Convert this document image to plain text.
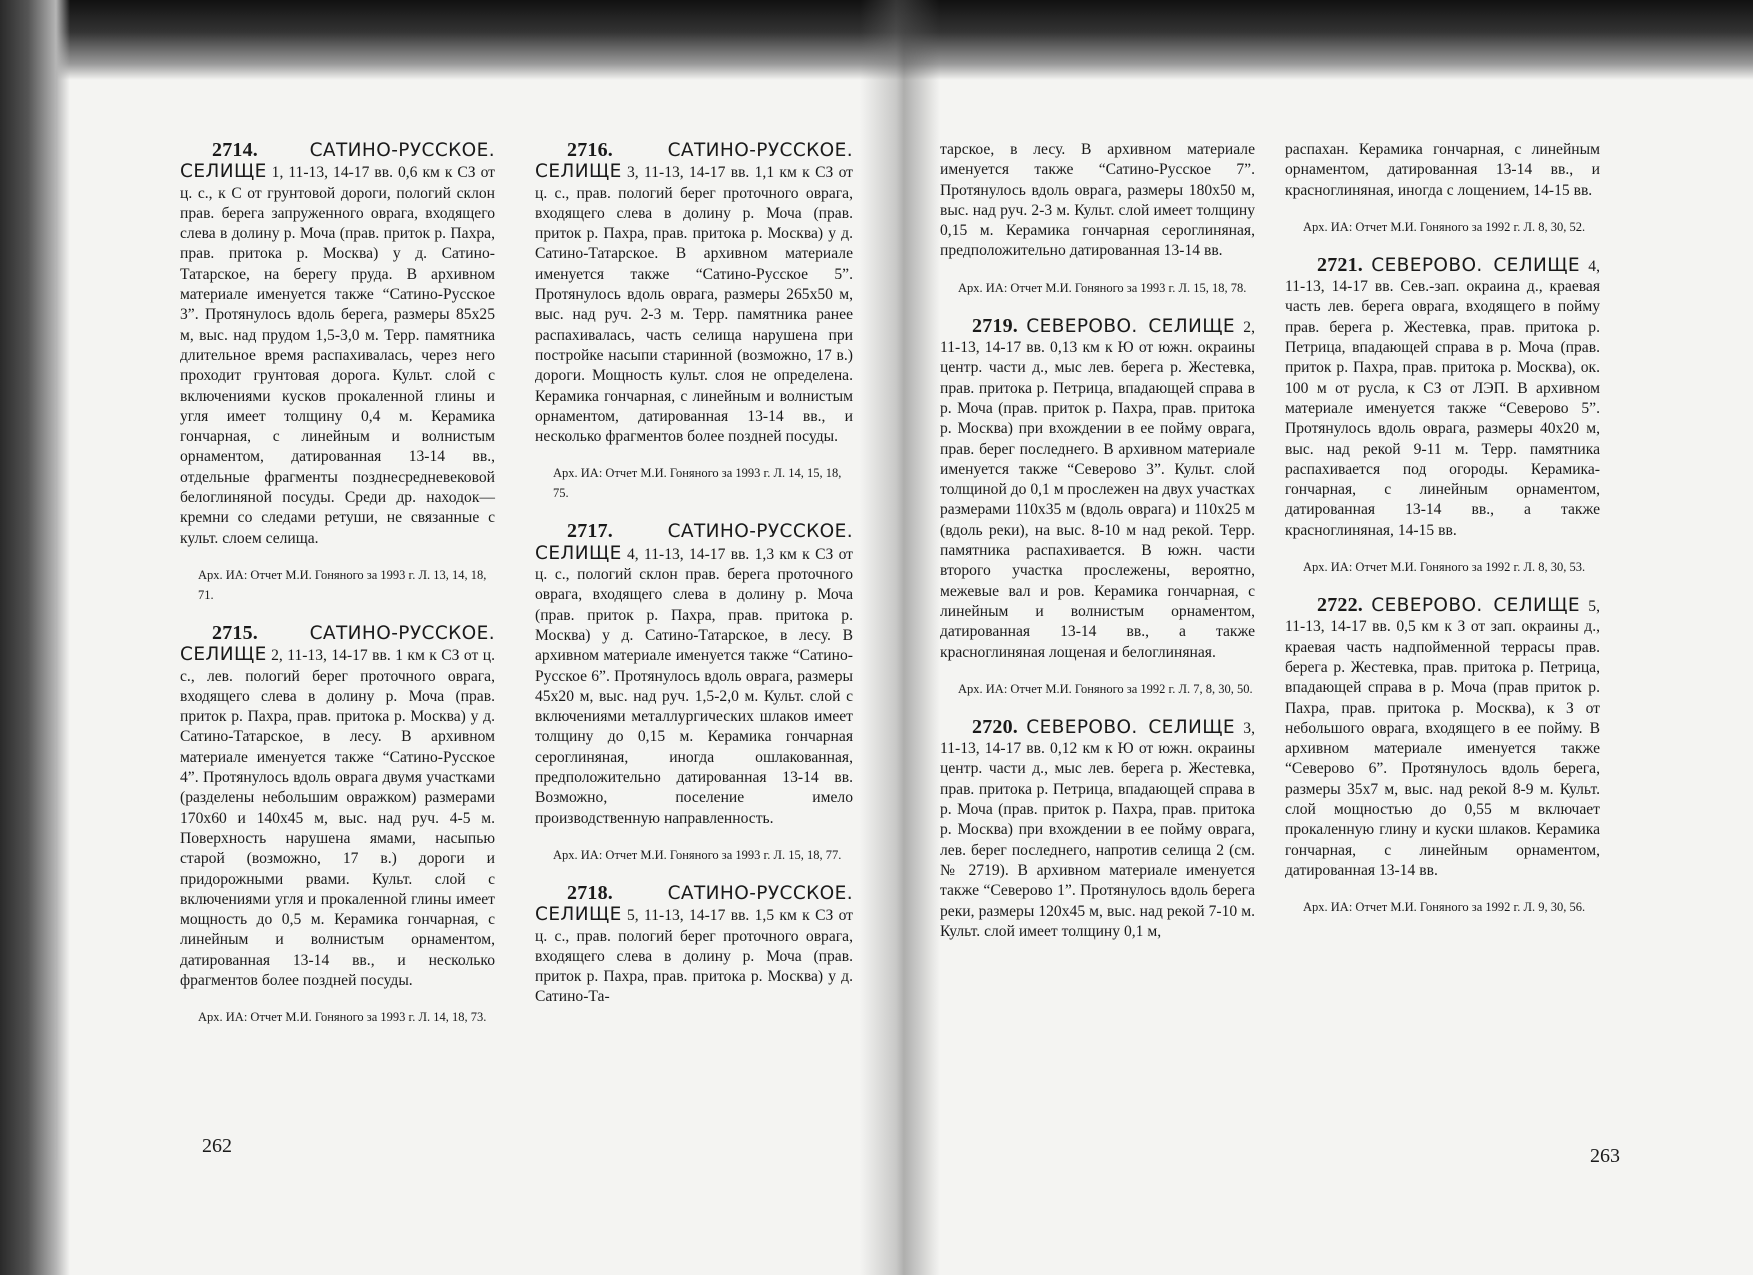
2714.	САТИНО-РУССКОЕ. СЕЛИЩЕ 1, 11-13, 14-17 вв. 0,6 км к СЗ от ц. с., к С от грунтовой дороги, пологий склон прав. берега запруженного оврага, входящего слева в долину р. Моча (прав. приток р. Пахра, прав. притока р. Москва) у д. Сатино-Татарское, на берегу пруда. В архивном материале именуется также “Сатино-Русское 3”. Протянулось вдоль берега, размеры 85х25 м, выс. над прудом 1,5-3,0 м. Терр. памятника длительное время распахивалась, через него проходит грунтовая дорога. Культ. слой с включениями кусков прокаленной глины и угля имеет толщину 0,4 м. Керамика гончарная, с линейным и волнистым орнаментом, датированная 13-14 вв., отдельные фрагменты позднесредневековой белоглиняной посуды. Среди др. находок—кремни со следами ретуши, не связанные с культ. слоем селища.

Арх. ИА: Отчет М.И. Гоняного за 1993 г. Л. 13, 14, 18, 71.

2715.	САТИНО-РУССКОЕ. СЕЛИЩЕ 2, 11-13, 14-17 вв. 1 км к СЗ от ц. с., лев. пологий берег проточного оврага, входящего слева в долину р. Моча (прав. приток р. Пахра, прав. притока р. Москва) у д. Сатино-Татарское, в лесу. В архивном материале именуется также “Сатино-Русское 4”. Протянулось вдоль оврага двумя участками (разделены небольшим овражком) размерами 170х60 и 140х45 м, выс. над руч. 4-5 м. Поверхность нарушена ямами, насыпью старой (возможно, 17 в.) дороги и придорожными рвами. Культ. слой с включениями угля и прокаленной глины имеет мощность до 0,5 м. Керамика гончарная, с линейным и волнистым орнаментом, датированная 13-14 вв., и несколько фрагментов более поздней посуды.

Арх. ИА: Отчет М.И. Гоняного за 1993 г. Л. 14, 18, 73.

2716.	САТИНО-РУССКОЕ. СЕЛИЩЕ 3, 11-13, 14-17 вв. 1,1 км к СЗ от ц. с., прав. пологий берег проточного оврага, входящего слева в долину р. Моча (прав. приток р. Пахра, прав. притока р. Москва) у д. Сатино-Татарское. В архивном материале именуется также “Сатино-Русское 5”. Протянулось вдоль оврага, размеры 265х50 м, выс. над руч. 2-3 м. Терр. памятника ранее распахивалась, часть селища нарушена при постройке насыпи старинной (возможно, 17 в.) дороги. Мощность культ. слоя не определена. Керамика гончарная, с линейным и волнистым орнаментом, датированная 13-14 вв., и несколько фрагментов более поздней посуды.

Арх. ИА: Отчет М.И. Гоняного за 1993 г. Л. 14, 15, 18, 75.

2717.	САТИНО-РУССКОЕ. СЕЛИЩЕ 4, 11-13, 14-17 вв. 1,3 км к СЗ от ц. с., пологий склон прав. берега проточного оврага, входящего слева в долину р. Моча (прав. приток р. Пахра, прав. притока р. Москва) у д. Сатино-Татарское, в лесу. В архивном материале именуется также “Сатино-Русское 6”. Протянулось вдоль оврага, размеры 45х20 м, выс. над руч. 1,5-2,0 м. Культ. слой с включениями металлургических шлаков имеет толщину до 0,15 м. Керамика гончарная сероглиняная, иногда ошлакованная, предположительно датированная 13-14 вв. Возможно, поселение имело производственную направленность.

Арх. ИА: Отчет М.И. Гоняного за 1993 г. Л. 15, 18, 77.

2718.	САТИНО-РУССКОЕ. СЕЛИЩЕ 5, 11-13, 14-17 вв. 1,5 км к СЗ от ц. с., прав. пологий берег проточного оврага, входящего слева в долину р. Моча (прав. приток р. Пахра, прав. притока р. Москва) у д. Сатино-Та-

262

тарское, в лесу. В архивном материале именуется также “Сатино-Русское 7”. Протянулось вдоль оврага, размеры 180х50 м, выс. над руч. 2-3 м. Культ. слой имеет толщину 0,15 м. Керамика гончарная сероглиняная, предположительно датированная 13-14 вв.

Арх. ИА: Отчет М.И. Гоняного за 1993 г. Л. 15, 18, 78.

2719. СЕВЕРОВО. СЕЛИЩЕ 2, 11-13, 14-17 вв. 0,13 км к Ю от южн. окраины центр. части д., мыс лев. берега р. Жестевка, прав. притока р. Петрица, впадающей справа в р. Моча (прав. приток р. Пахра, прав. притока р. Москва) при вхождении в ее пойму оврага, прав. берег последнего. В архивном материале именуется также “Северово 3”. Культ. слой толщиной до 0,1 м прослежен на двух участках размерами 110х35 м (вдоль оврага) и 110х25 м (вдоль реки), на выс. 8-10 м над рекой. Терр. памятника распахивается. В южн. части второго участка прослежены, вероятно, межевые вал и ров. Керамика гончарная, с линейным и волнистым орнаментом, датированная 13-14 вв., а также красноглиняная лощеная и белоглиняная.

Арх. ИА: Отчет М.И. Гоняного за 1992 г. Л. 7, 8, 30, 50.

2720. СЕВЕРОВО. СЕЛИЩЕ 3, 11-13, 14-17 вв. 0,12 км к Ю от южн. окраины центр. части д., мыс лев. берега р. Жестевка, прав. притока р. Петрица, впадающей справа в р. Моча (прав. приток р. Пахра, прав. притока р. Москва) при вхождении в ее пойму оврага, лев. берег последнего, напротив селища 2 (см. № 2719). В архивном материале именуется также “Северово 1”. Протянулось вдоль берега реки, размеры 120х45 м, выс. над рекой 7-10 м. Культ. слой имеет толщину 0,1 м,

распахан. Керамика гончарная, с линейным орнаментом, датированная 13-14 вв., и красноглиняная, иногда с лощением, 14-15 вв.

Арх. ИА: Отчет М.И. Гоняного за 1992 г. Л. 8, 30, 52.

2721. СЕВЕРОВО. СЕЛИЩЕ 4, 11-13, 14-17 вв. Сев.-зап. окраина д., краевая часть лев. берега оврага, входящего в пойму прав. берега р. Жестевка, прав. притока р. Петрица, впадающей справа в р. Моча (прав. приток р. Пахра, прав. притока р. Москва), ок. 100 м от русла, к СЗ от ЛЭП. В архивном материале именуется также “Северово 5”. Протянулось вдоль оврага, размеры 40х20 м, выс. над рекой 9-11 м. Терр. памятника распахивается под огороды. Керамика-гончарная, с линейным орнаментом, датированная 13-14 вв., а также красноглиняная, 14-15 вв.

Арх. ИА: Отчет М.И. Гоняного за 1992 г. Л. 8, 30, 53.

2722. СЕВЕРОВО. СЕЛИЩЕ 5, 11-13, 14-17 вв. 0,5 км к З от зап. окраины д., краевая часть надпойменной террасы прав. берега р. Жестевка, прав. притока р. Петрица, впадающей справа в р. Моча (прав приток р. Пахра, прав. притока р. Москва), к З от небольшого оврага, входящего в ее пойму. В архивном материале именуется также “Северово 6”. Протянулось вдоль берега, размеры 35х7 м, выс. над рекой 8-9 м. Культ. слой мощностью до 0,55 м включает прокаленную глину и куски шлаков. Керамика гончарная, с линейным орнаментом, датированная 13-14 вв.

Арх. ИА: Отчет М.И. Гоняного за 1992 г. Л. 9, 30, 56.
263
